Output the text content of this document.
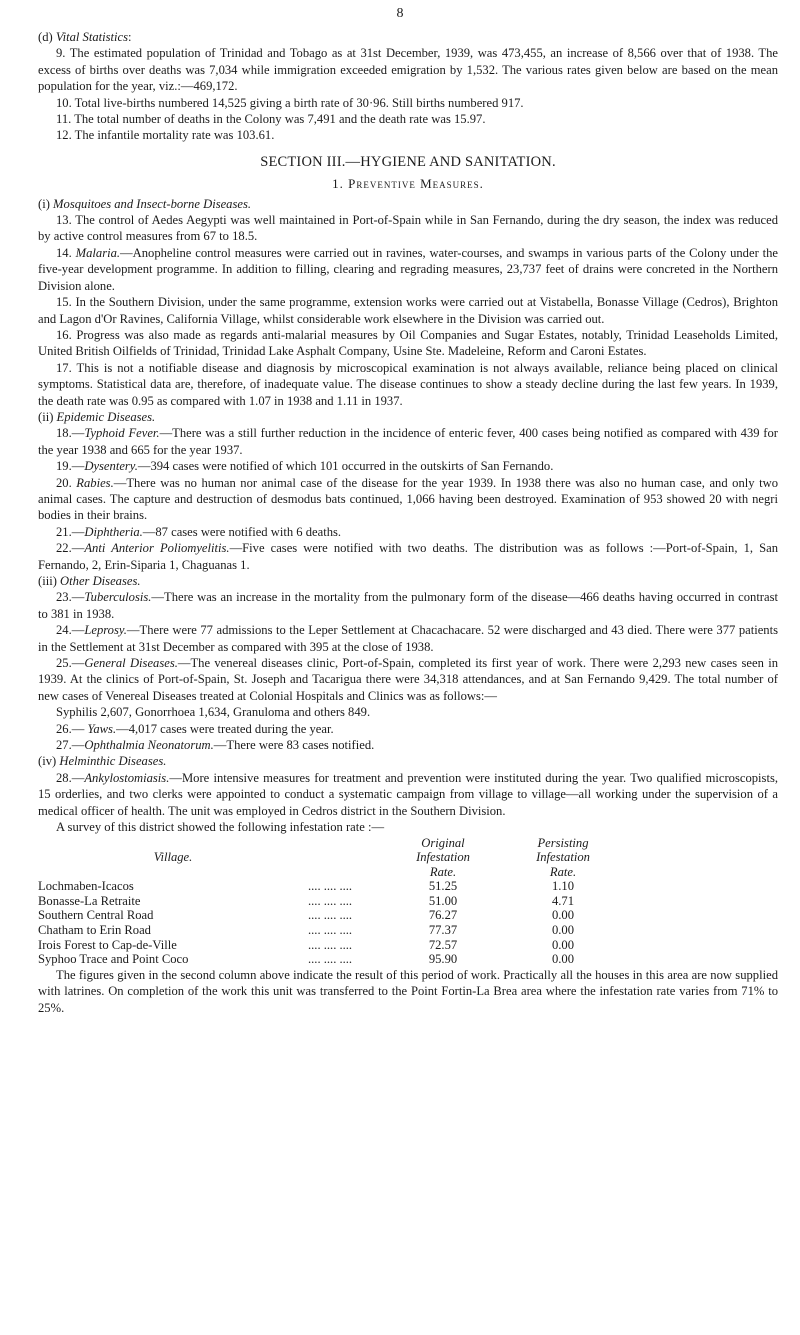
8

(d) Vital Statistics:

9. The estimated population of Trinidad and Tobago as at 31st December, 1939, was 473,455, an increase of 8,566 over that of 1938. The excess of births over deaths was 7,034 while immigration exceeded emigration by 1,532. The various rates given below are based on the mean population for the year, viz.:—469,172.

10. Total live-births numbered 14,525 giving a birth rate of 30·96. Still births numbered 917.

11. The total number of deaths in the Colony was 7,491 and the death rate was 15.97.

12. The infantile mortality rate was 103.61.

SECTION III.—HYGIENE AND SANITATION.

1. Preventive Measures.

(i) Mosquitoes and Insect-borne Diseases.

13. The control of Aedes Aegypti was well maintained in Port-of-Spain while in San Fernando, during the dry season, the index was reduced by active control measures from 67 to 18.5.

14. Malaria.—Anopheline control measures were carried out in ravines, water-courses, and swamps in various parts of the Colony under the five-year development programme. In addition to filling, clearing and regrading measures, 23,737 feet of drains were concreted in the Northern Division alone.

15. In the Southern Division, under the same programme, extension works were carried out at Vistabella, Bonasse Village (Cedros), Brighton and Lagon d'Or Ravines, California Village, whilst considerable work elsewhere in the Division was carried out.

16. Progress was also made as regards anti-malarial measures by Oil Companies and Sugar Estates, notably, Trinidad Leaseholds Limited, United British Oilfields of Trinidad, Trinidad Lake Asphalt Company, Usine Ste. Madeleine, Reform and Caroni Estates.

17. This is not a notifiable disease and diagnosis by microscopical examination is not always available, reliance being placed on clinical symptoms. Statistical data are, therefore, of inadequate value. The disease continues to show a steady decline during the last few years. In 1939, the death rate was 0.95 as compared with 1.07 in 1938 and 1.11 in 1937.

(ii) Epidemic Diseases.

18.—Typhoid Fever.—There was a still further reduction in the incidence of enteric fever, 400 cases being notified as compared with 439 for the year 1938 and 665 for the year 1937.

19.—Dysentery.—394 cases were notified of which 101 occurred in the outskirts of San Fernando.

20. Rabies.—There was no human nor animal case of the disease for the year 1939. In 1938 there was also no human case, and only two animal cases. The capture and destruction of desmodus bats continued, 1,066 having been destroyed. Examination of 953 showed 20 with negri bodies in their brains.

21.—Diphtheria.—87 cases were notified with 6 deaths.

22.—Anti Anterior Poliomyelitis.—Five cases were notified with two deaths. The distribution was as follows :—Port-of-Spain, 1, San Fernando, 2, Erin-Siparia 1, Chaguanas 1.

(iii) Other Diseases.

23.—Tuberculosis.—There was an increase in the mortality from the pulmonary form of the disease—466 deaths having occurred in contrast to 381 in 1938.

24.—Leprosy.—There were 77 admissions to the Leper Settlement at Chacachacare. 52 were discharged and 43 died. There were 377 patients in the Settlement at 31st December as compared with 395 at the close of 1938.

25.—General Diseases.—The venereal diseases clinic, Port-of-Spain, completed its first year of work. There were 2,293 new cases seen in 1939. At the clinics of Port-of-Spain, St. Joseph and Tacarigua there were 34,318 attendances, and at San Fernando 9,429. The total number of new cases of Venereal Diseases treated at Colonial Hospitals and Clinics was as follows:—

Syphilis 2,607, Gonorrhoea 1,634, Granuloma and others 849.

26.— Yaws.—4,017 cases were treated during the year.

27.—Ophthalmia Neonatorum.—There were 83 cases notified.

(iv) Helminthic Diseases.

28.—Ankylostomiasis.—More intensive measures for treatment and prevention were instituted during the year. Two qualified microscopists, 15 orderlies, and two clerks were appointed to conduct a systematic campaign from village to village—all working under the supervision of a medical officer of health. The unit was employed in Cedros district in the Southern Division.

A survey of this district showed the following infestation rate :—

		Original	Persisting
Village.		Infestation	Infestation
		Rate.	Rate.
Lochmaben-Icacos	.... .... ....	51.25	1.10
Bonasse-La Retraite	.... .... ....	51.00	4.71
Southern Central Road	.... .... ....	76.27	0.00
Chatham to Erin Road	.... .... ....	77.37	0.00
Irois Forest to Cap-de-Ville	.... .... ....	72.57	0.00
Syphoo Trace and Point Coco	.... .... ....	95.90	0.00

The figures given in the second column above indicate the result of this period of work. Practically all the houses in this area are now supplied with latrines. On completion of the work this unit was transferred to the Point Fortin-La Brea area where the infestation rate varies from 71% to 25%.
